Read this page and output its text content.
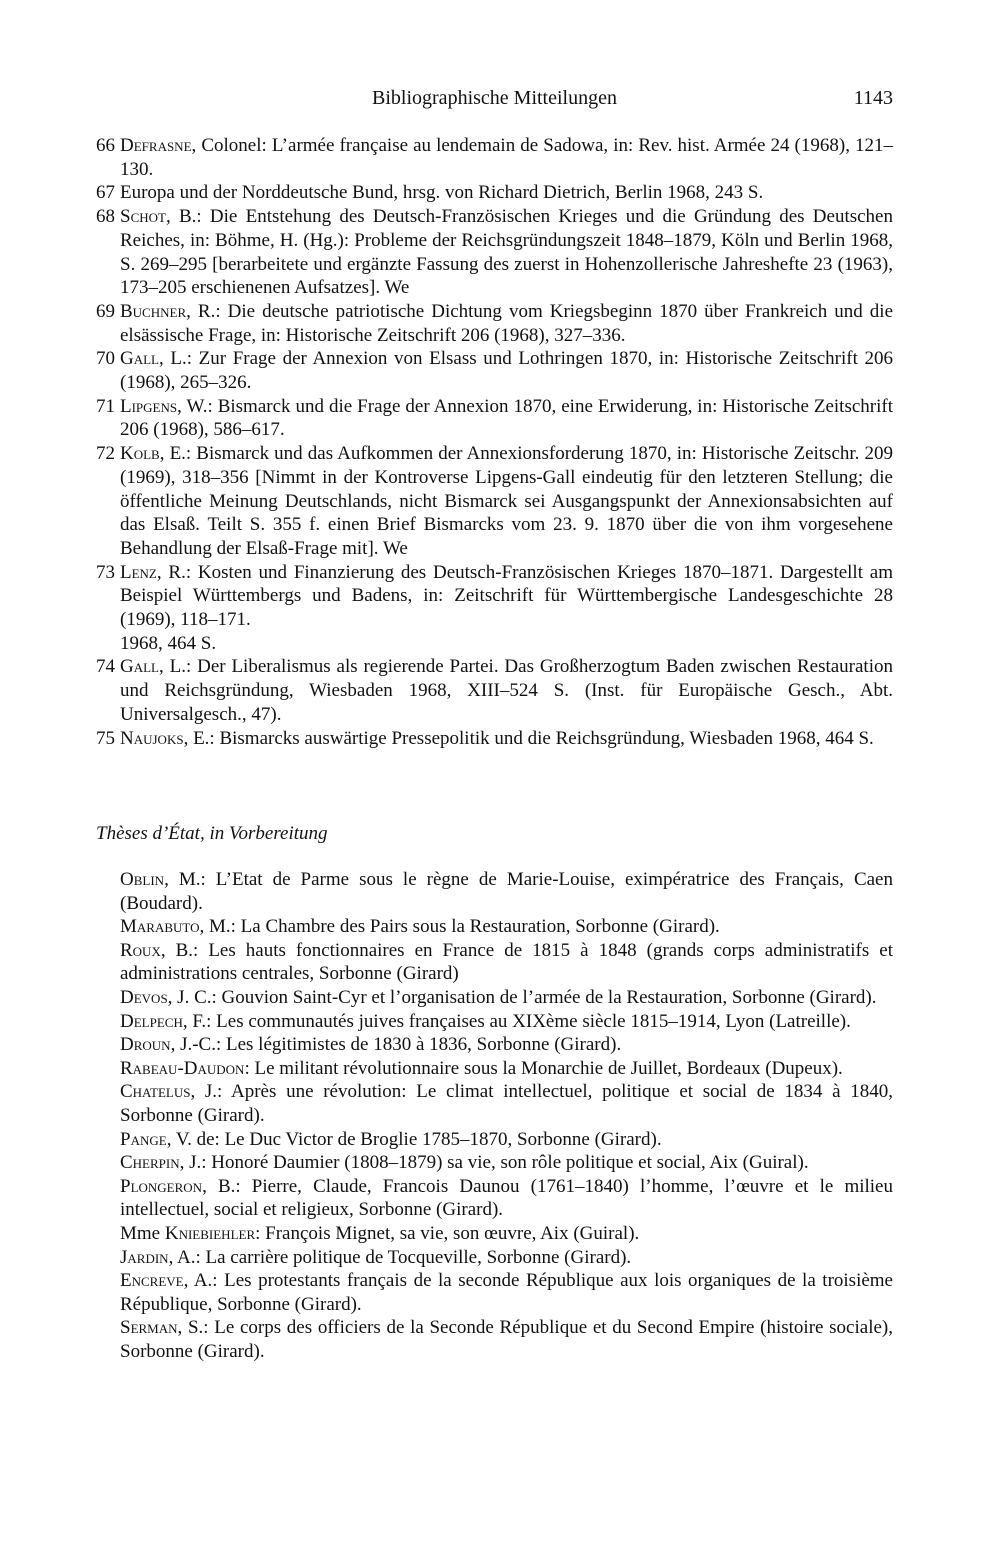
Bibliographische Mitteilungen	1143
66 Defrasne, Colonel: L’armée française au lendemain de Sadowa, in: Rev. hist. Armée 24 (1968), 121–130.
67 Europa und der Norddeutsche Bund, hrsg. von Richard Dietrich, Berlin 1968, 243 S.
68 Schot, B.: Die Entstehung des Deutsch-Französischen Krieges und die Gründung des Deutschen Reiches, in: Böhme, H. (Hg.): Probleme der Reichsgründungszeit 1848–1879, Köln und Berlin 1968, S. 269–295 [berarbeitete und ergänzte Fassung des zuerst in Hohenzollerische Jahreshefte 23 (1963), 173–205 erschienenen Aufsatzes]. We
69 Buchner, R.: Die deutsche patriotische Dichtung vom Kriegsbeginn 1870 über Frankreich und die elsässische Frage, in: Historische Zeitschrift 206 (1968), 327–336.
70 Gall, L.: Zur Frage der Annexion von Elsass und Lothringen 1870, in: Historische Zeitschrift 206 (1968), 265–326.
71 Lipgens, W.: Bismarck und die Frage der Annexion 1870, eine Erwiderung, in: Historische Zeitschrift 206 (1968), 586–617.
72 Kolb, E.: Bismarck und das Aufkommen der Annexionsforderung 1870, in: Historische Zeitschr. 209 (1969), 318–356 [Nimmt in der Kontroverse Lipgens-Gall eindeutig für den letzteren Stellung; die öffentliche Meinung Deutschlands, nicht Bismarck sei Ausgangspunkt der Annexionsabsichten auf das Elsaß. Teilt S. 355 f. einen Brief Bismarcks vom 23. 9. 1870 über die von ihm vorgesehene Behandlung der Elsaß-Frage mit]. We
73 Lenz, R.: Kosten und Finanzierung des Deutsch-Französischen Krieges 1870–1871. Dargestellt am Beispiel Württembergs und Badens, in: Zeitschrift für Württembergische Landesgeschichte 28 (1969), 118–171.
1968, 464 S.
74 Gall, L.: Der Liberalismus als regierende Partei. Das Großherzogtum Baden zwischen Restauration und Reichsgründung, Wiesbaden 1968, XIII–524 S. (Inst. für Europäische Gesch., Abt. Universalgesch., 47).
75 Naujoks, E.: Bismarcks auswärtige Pressepolitik und die Reichsgründung, Wiesbaden 1968, 464 S.
Thèses d’État, in Vorbereitung
Oblin, M.: L’Etat de Parme sous le règne de Marie-Louise, eximpératrice des Français, Caen (Boudard).
Marabuto, M.: La Chambre des Pairs sous la Restauration, Sorbonne (Girard).
Roux, B.: Les hauts fonctionnaires en France de 1815 à 1848 (grands corps administratifs et administrations centrales, Sorbonne (Girard)
Devos, J. C.: Gouvion Saint-Cyr et l’organisation de l’armée de la Restauration, Sorbonne (Girard).
Delpech, F.: Les communautés juives françaises au XIXème siècle 1815–1914, Lyon (Latreille).
Droun, J.-C.: Les légitimistes de 1830 à 1836, Sorbonne (Girard).
Rabeau-Daudon: Le militant révolutionnaire sous la Monarchie de Juillet, Bordeaux (Dupeux).
Chatelus, J.: Après une révolution: Le climat intellectuel, politique et social de 1834 à 1840, Sorbonne (Girard).
Pange, V. de: Le Duc Victor de Broglie 1785–1870, Sorbonne (Girard).
Cherpin, J.: Honoré Daumier (1808–1879) sa vie, son rôle politique et social, Aix (Guiral).
Plongeron, B.: Pierre, Claude, Francois Daunou (1761–1840) l’homme, l’œuvre et le milieu intellectuel, social et religieux, Sorbonne (Girard).
Mme Kniebiehler: François Mignet, sa vie, son œuvre, Aix (Guiral).
Jardin, A.: La carrière politique de Tocqueville, Sorbonne (Girard).
Encreve, A.: Les protestants français de la seconde République aux lois organiques de la troisième République, Sorbonne (Girard).
Serman, S.: Le corps des officiers de la Seconde République et du Second Empire (histoire sociale), Sorbonne (Girard).
